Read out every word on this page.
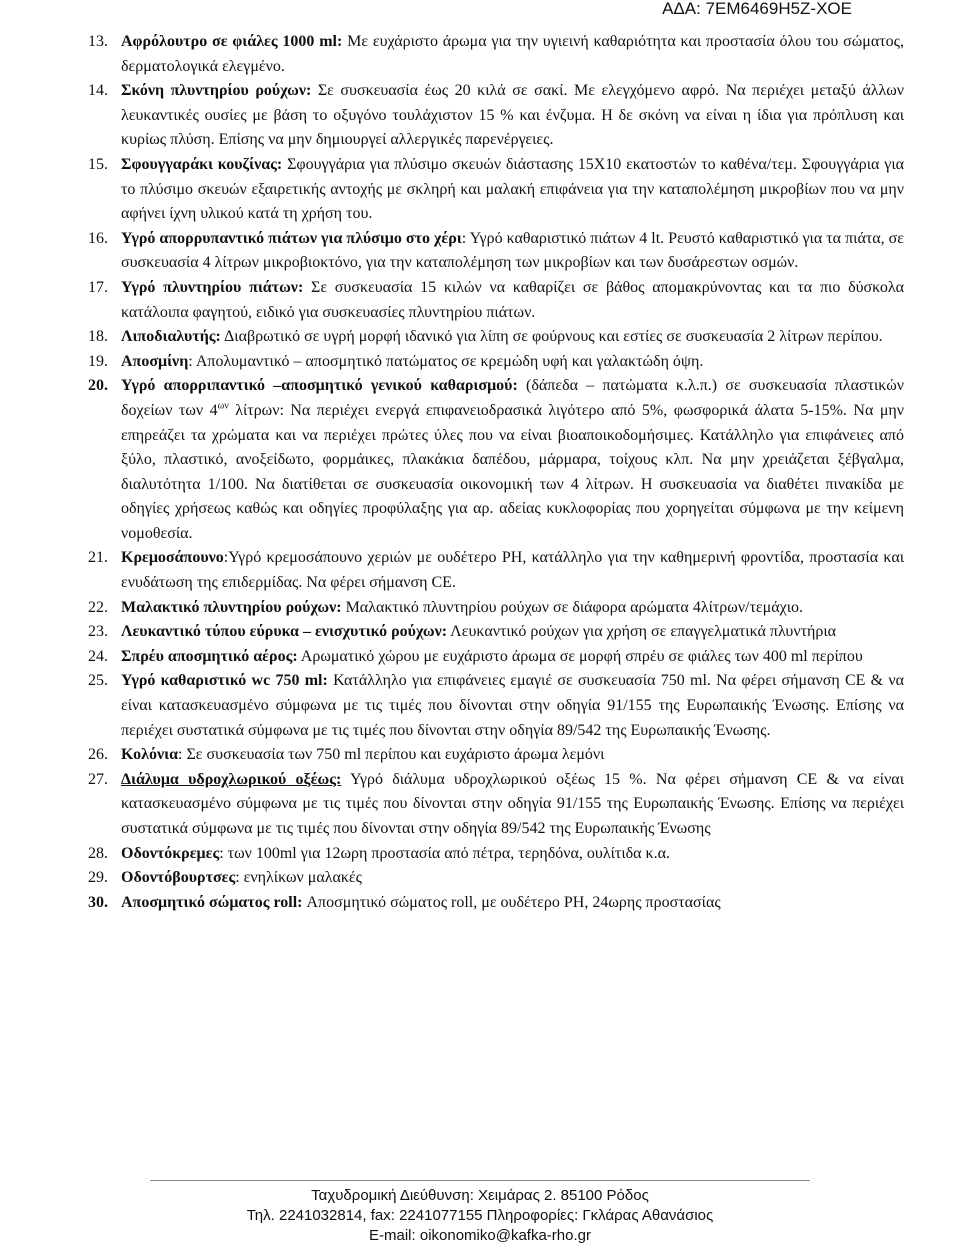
ΑΔΑ: 7ΕΜ6469Η5Ζ-ΧΟΕ
13. Αφρόλουτρο σε φιάλες 1000 ml: Με ευχάριστο άρωμα για την υγιεινή καθαριότητα και προστασία όλου του σώματος, δερματολογικά ελεγμένο.
14. Σκόνη πλυντηρίου ρούχων: Σε συσκευασία έως 20 κιλά σε σακί. Με ελεγχόμενο αφρό. Να περιέχει μεταξύ άλλων λευκαντικές ουσίες με βάση το οξυγόνο τουλάχιστον 15 % και ένζυμα. Η δε σκόνη να είναι η ίδια για πρόπλυση και κυρίως πλύση. Επίσης να μην δημιουργεί αλλεργικές παρενέργειες.
15. Σφουγγαράκι κουζίνας: Σφουγγάρια για πλύσιμο σκευών διάστασης 15Χ10 εκατοστών το καθένα/τεμ. Σφουγγάρια για το πλύσιμο σκευών εξαιρετικής αντοχής με σκληρή και μαλακή επιφάνεια για την καταπολέμηση μικροβίων που να μην αφήνει ίχνη υλικού κατά τη χρήση του.
16. Υγρό απορρυπαντικό πιάτων για πλύσιμο στο χέρι: Υγρό καθαριστικό πιάτων 4 lt. Ρευστό καθαριστικό για τα πιάτα, σε συσκευασία 4 λίτρων μικροβιοκτόνο, για την καταπολέμηση των μικροβίων και των δυσάρεστων οσμών.
17. Υγρό πλυντηρίου πιάτων: Σε συσκευασία 15 κιλών να καθαρίζει σε βάθος απομακρύνοντας και τα πιο δύσκολα κατάλοιπα φαγητού, ειδικό για συσκευασίες πλυντηρίου πιάτων.
18. Λιποδιαλυτής: Διαβρωτικό σε υγρή μορφή ιδανικό για λίπη σε φούρνους και εστίες σε συσκευασία 2 λίτρων περίπου.
19. Αποσμίνη: Απολυμαντικό – αποσμητικό πατώματος σε κρεμώδη υφή και γαλακτώδη όψη.
20. Υγρό απορριπαντικό –αποσμητικό γενικού καθαρισμού: (δάπεδα – πατώματα κ.λ.π.) σε συσκευασία πλαστικών δοχείων των $4^{\omega\nu}$ λίτρων: Να περιέχει ενεργά επιφανειοδρασικά λιγότερο από 5%, φωσφορικά άλατα 5-15%. Να μην επηρεάζει τα χρώματα και να περιέχει πρώτες ύλες που να είναι βιοαποικοδομήσιμες. Κατάλληλο για επιφάνειες από ξύλο, πλαστικό, ανοξείδωτο, φορμάικες, πλακάκια δαπέδου, μάρμαρα, τοίχους κλπ. Να μην χρειάζεται ξέβγαλμα, διαλυτότητα 1/100. Να διατίθεται σε συσκευασία οικονομική των 4 λίτρων. Η συσκευασία να διαθέτει πινακίδα με οδηγίες χρήσεως καθώς και οδηγίες προφύλαξης για αρ. αδείας κυκλοφορίας που χορηγείται σύμφωνα με την κείμενη νομοθεσία.
21. Κρεμοσάπουνο:Υγρό κρεμοσάπουνο χεριών με ουδέτερο PH, κατάλληλο για την καθημερινή φροντίδα, προστασία και ενυδάτωση της επιδερμίδας. Να φέρει σήμανση CE.
22. Μαλακτικό πλυντηρίου ρούχων: Μαλακτικό πλυντηρίου ρούχων σε διάφορα αρώματα 4λίτρων/τεμάχιο.
23. Λευκαντικό τύπου εύρυκα – ενισχυτικό ρούχων: Λευκαντικό ρούχων για χρήση σε επαγγελματικά πλυντήρια
24. Σπρέυ αποσμητικό αέρος: Αρωματικό χώρου με ευχάριστο άρωμα σε μορφή σπρέυ σε φιάλες των 400 ml περίπου
25. Υγρό καθαριστικό wc 750 ml: Κατάλληλο για επιφάνειες εμαγιέ σε συσκευασία 750 ml. Να φέρει σήμανση CE & να είναι κατασκευασμένο σύμφωνα με τις τιμές που δίνονται στην οδηγία 91/155 της Ευρωπαικής Ένωσης. Επίσης να περιέχει συστατικά σύμφωνα με τις τιμές που δίνονται στην οδηγία 89/542 της Ευρωπαικής Ένωσης.
26. Κολόνια: Σε συσκευασία των 750 ml περίπου και ευχάριστο άρωμα λεμόνι
27. Διάλυμα υδροχλωρικού οξέως: Υγρό διάλυμα υδροχλωρικού οξέως 15 %. Να φέρει σήμανση CE & να είναι κατασκευασμένο σύμφωνα με τις τιμές που δίνονται στην οδηγία 91/155 της Ευρωπαικής Ένωσης. Επίσης να περιέχει συστατικά σύμφωνα με τις τιμές που δίνονται στην οδηγία 89/542 της Ευρωπαικής Ένωσης
28. Οδοντόκρεμες: των 100ml για 12ωρη προστασία από πέτρα, τερηδόνα, ουλίτιδα κ.α.
29. Οδοντόβουρτσες: ενηλίκων μαλακές
30. Αποσμητικό σώματος roll: Αποσμητικό σώματος roll, με ουδέτερο PH, 24ωρης προστασίας
Ταχυδρομική Διεύθυνση: Χειμάρας 2. 85100 Ρόδος
Τηλ. 2241032814, fax: 2241077155 Πληροφορίες: Γκλάρας Αθανάσιος
E-mail: oikonomiko@kafka-rho.gr
